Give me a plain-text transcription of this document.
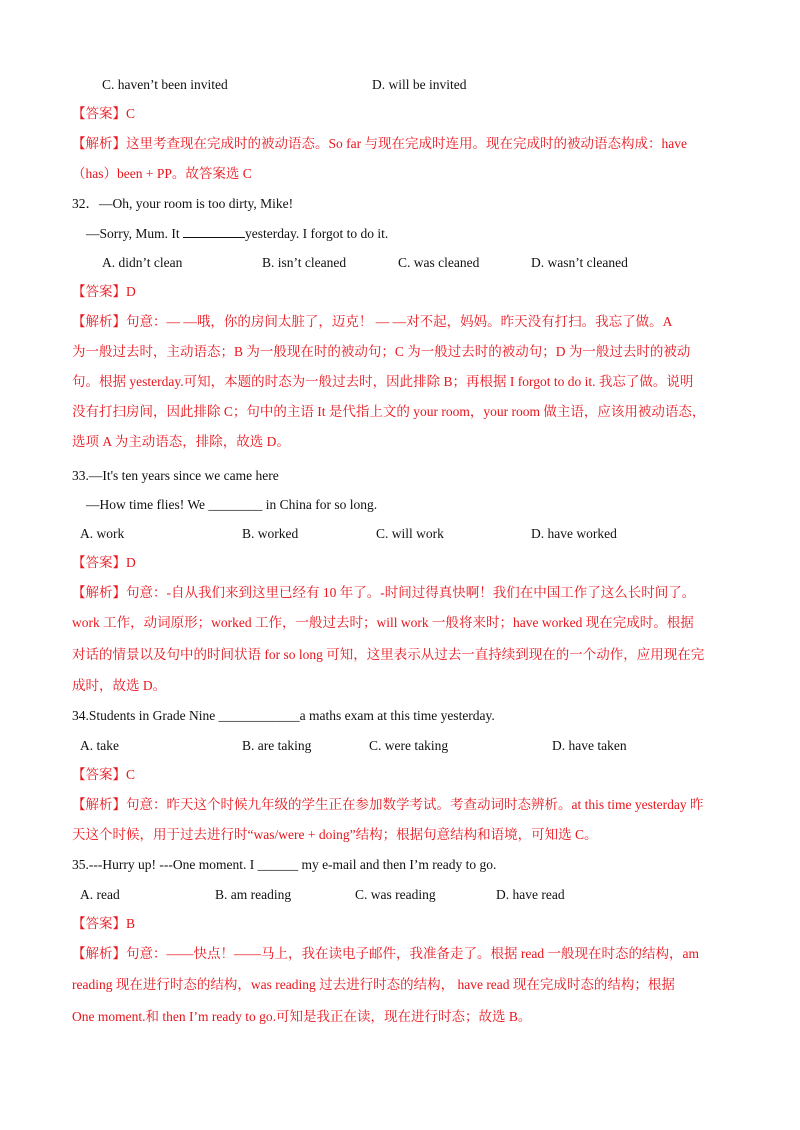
C. haven’t been invited	D. will be invited
【答案】C
【解析】这里考查现在完成时的被动语态。So far 与现在完成时连用。现在完成时的被动语态构成：have
（has）been + PP。故答案选 C
32．—Oh, your room is too dirty, Mike!
—Sorry, Mum. It	yesterday. I forgot to do it.
A. didn’t clean	B. isn’t cleaned	C. was cleaned	D. wasn’t cleaned
【答案】D
【解析】句意：— —哦，你的房间太脏了，迈克！ — —对不起，妈妈。昨天没有打扫。我忘了做。A
为一般过去时，主动语态；B 为一般现在时的被动句；C 为一般过去时的被动句；D 为一般过去时的被动
句。根据 yesterday.可知，本题的时态为一般过去时，因此排除 B；再根据 I forgot to do it. 我忘了做。说明
没有打扫房间，因此排除 C；句中的主语 It 是代指上文的 your room，your room 做主语，应该用被动语态，
选项 A 为主动语态，排除，故选 D。
33.—It's ten years since we came here
—How time flies! We ________ in China for so long.
A. work	B. worked	C. will work	D. have worked
【答案】D
【解析】句意：-自从我们来到这里已经有 10 年了。-时间过得真快啊！我们在中国工作了这么长时间了。
work 工作，动词原形；worked 工作，一般过去时；will work 一般将来时；have worked 现在完成时。根据
对话的情景以及句中的时间状语 for so long 可知，这里表示从过去一直持续到现在的一个动作，应用现在完
成时，故选 D。
34.Students in Grade Nine ____________a maths exam at this time yesterday.
A. take	B. are taking	C. were taking	D. have taken
【答案】C
【解析】句意：昨天这个时候九年级的学生正在参加数学考试。考查动词时态辨析。at this time yesterday 昨
天这个时候，用于过去进行时“was/were + doing”结构；根据句意结构和语境，可知选 C。
35.---Hurry up! ---One moment. I ______ my e-mail and then I’m ready to go.
A. read	B. am reading	C. was reading	D. have read
【答案】B
【解析】句意：——快点！——马上，我在读电子邮件，我准备走了。根据 read 一般现在时态的结构，am
reading 现在进行时态的结构，was reading 过去进行时态的结构， have read 现在完成时态的结构；根据
One moment.和 then I’m ready to go.可知是我正在读，现在进行时态；故选 B。
